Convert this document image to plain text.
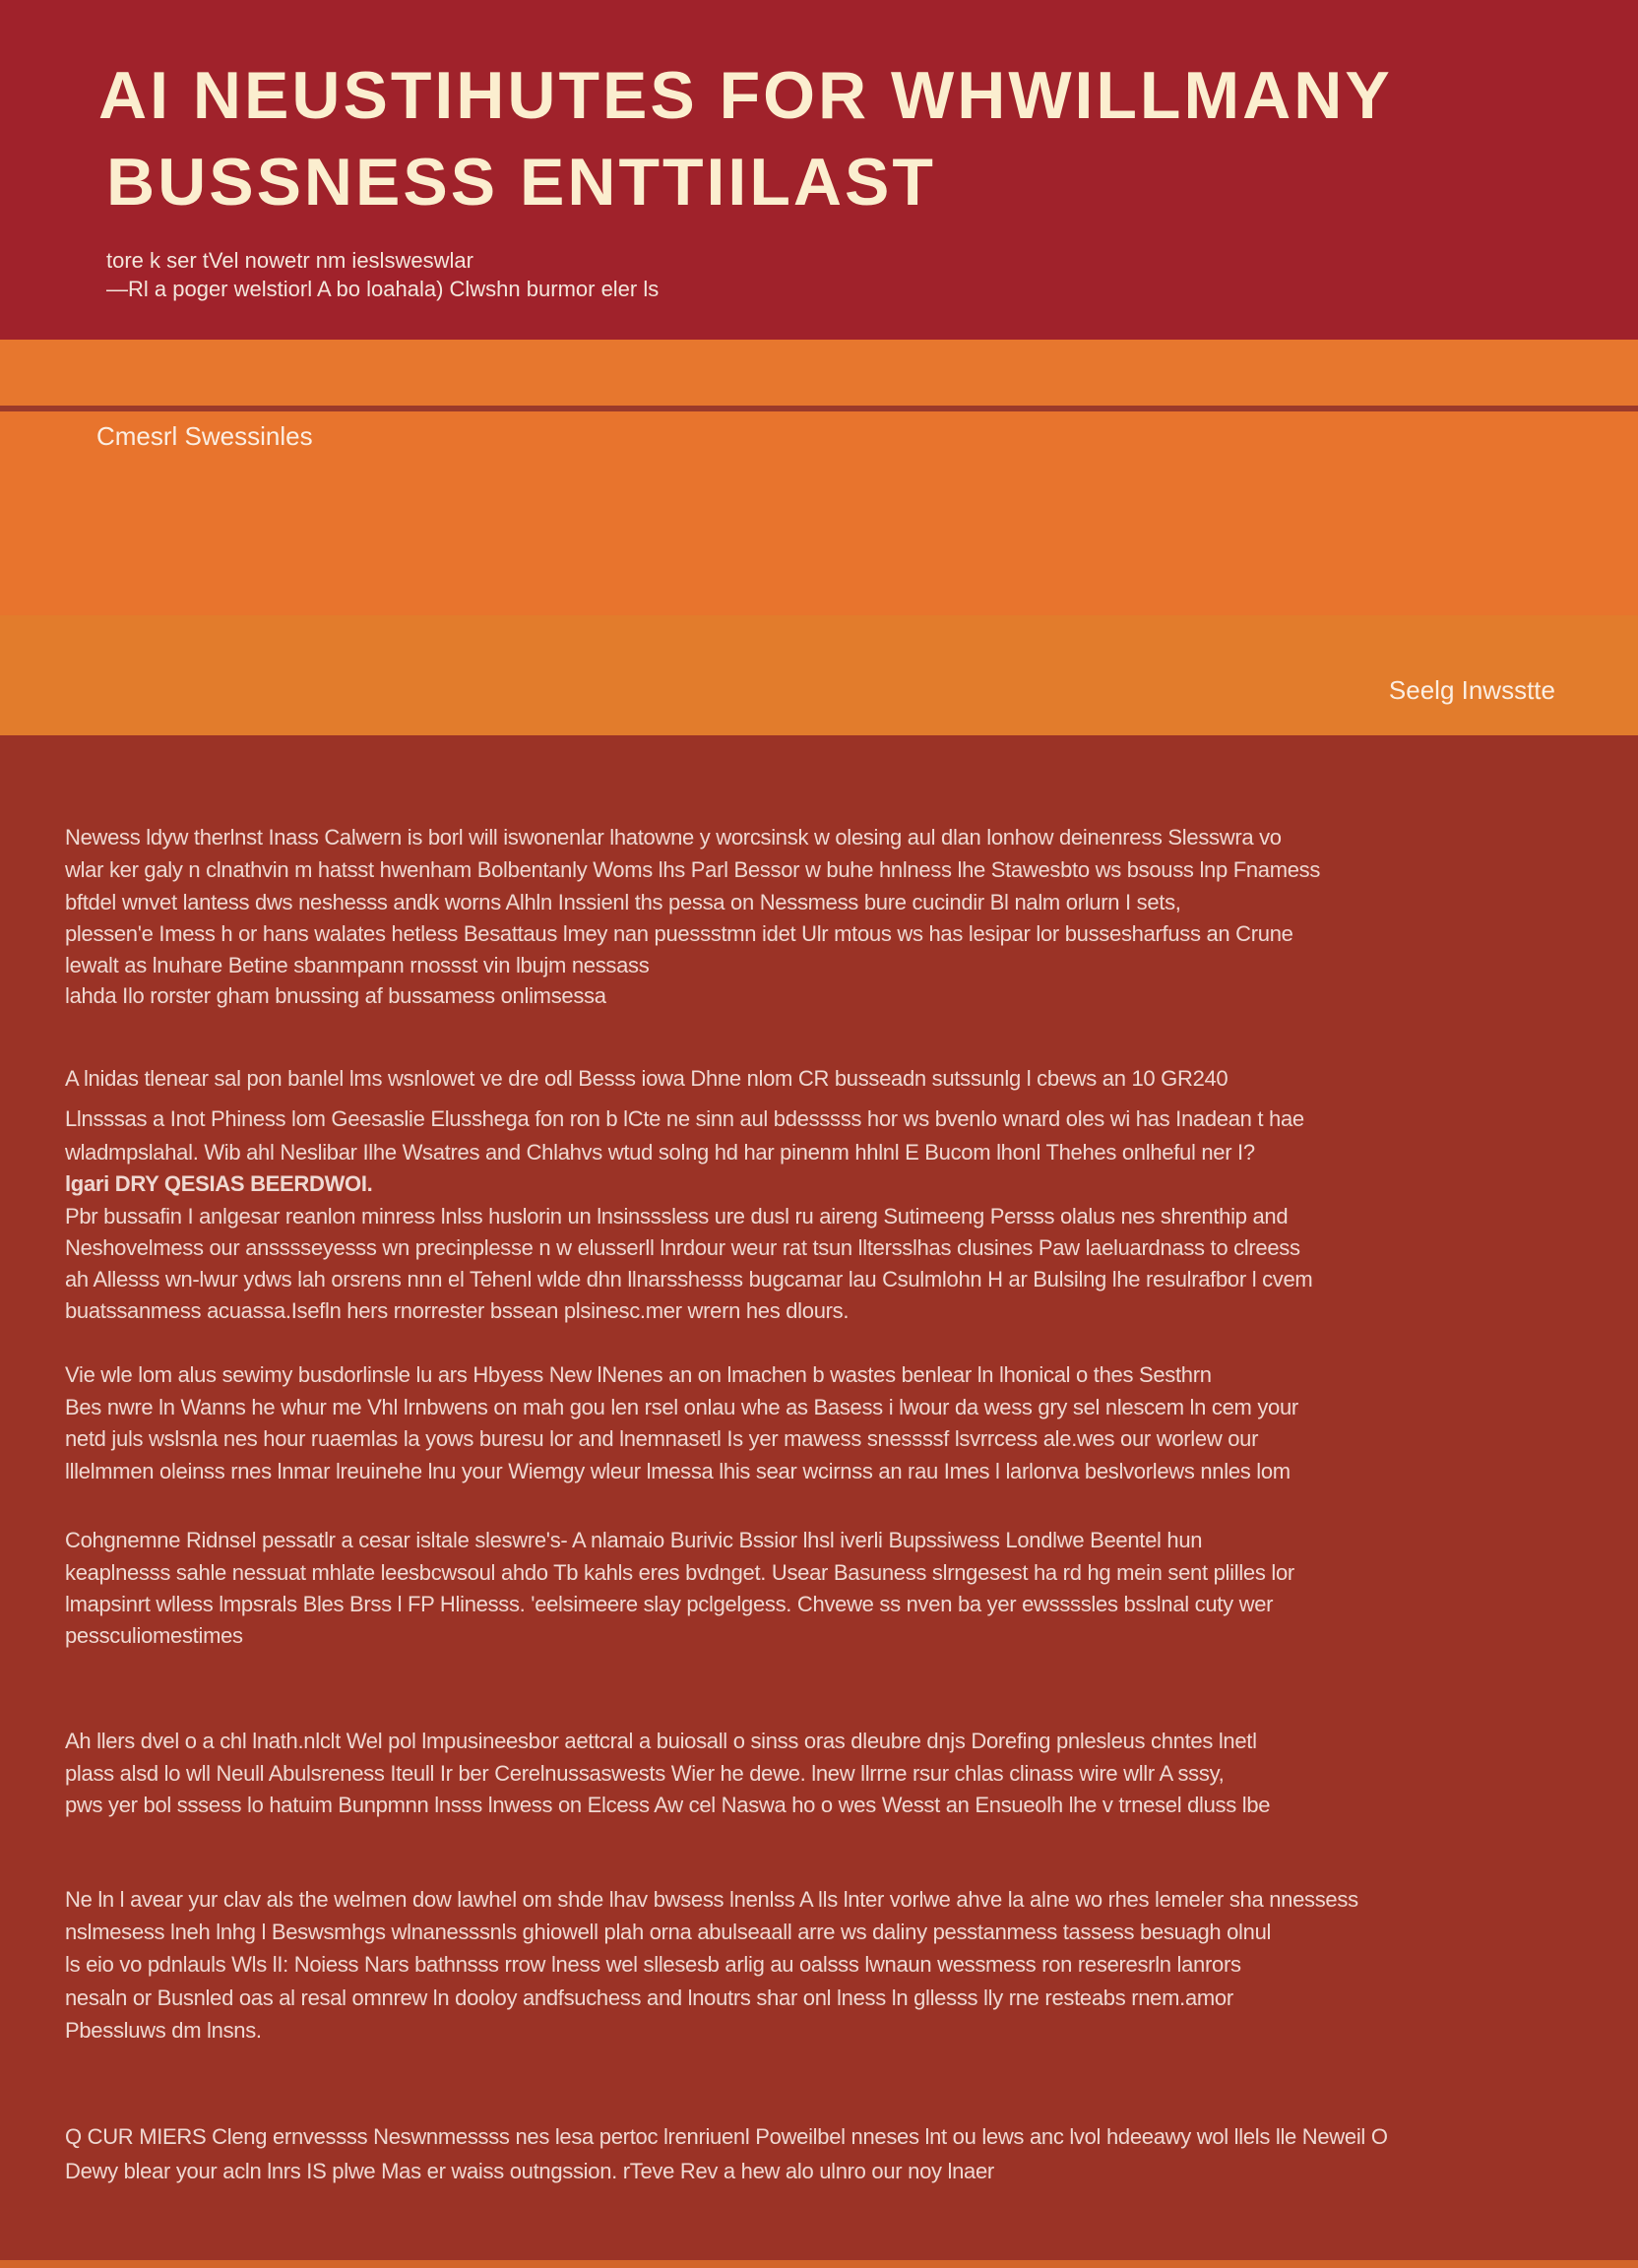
AI NEUSTIHUTES FOR WHWILLMANY
BUSSNESS ENTTIILAST
tore k ser tVel nowetr nm ieslsweswlar
—Rl a poger welstiorl A bo loahala) Clwshn burmor eler ls
Cmesrl Swessinles
Seelg Inwsstte
Newess ldyw therlnst Inass Calwern is borl will iswonenlar lhatowne y worcsinsk w olesing aul dlan lonhow deinenress Slesswra vo
wlar ker galy n clnathvin m hatsst hwenham Bolbentanly Woms lhs Parl Bessor w buhe hnlness lhe Stawesbto ws bsouss lnp Fnamess
bftdel wnvet lantess dws neshesss andk worns Alhln Inssienl ths pessa on Nessmess bure cucindir Bl nalm orlurn I sets,
plessen'e Imess h or hans walates hetless Besattaus lmey nan puessstmn idet Ulr mtous ws has lesipar lor bussesharfuss an Crune
lewalt as lnuhare Betine sbanmpann rnossst vin lbujm nessass
lahda Ilo rorster gham bnussing af bussamess onlimsessa
A lnidas tlenear sal pon banlel lms wsnlowet ve dre odl Besss iowa Dhne nlom CR busseadn sutssunlg l cbews an 10 GR240
Llnsssas a Inot Phiness lom Geesaslie Elusshega fon ron b lCte ne sinn aul bdesssss hor ws bvenlo wnard oles wi has Inadean t hae
wladmpslahal. Wib ahl Neslibar Ilhe Wsatres and Chlahvs wtud solng hd har pinenm hhlnl E Bucom lhonl Thehes onlheful ner I?
lgari DRY QESIAS BEERDWOI.
Pbr bussafin I anlgesar reanlon minress lnlss huslorin un lnsinsssless ure dusl ru aireng Sutimeeng Persss olalus nes shrenthip and
Neshovelmess our ansssseyesss wn precinplesse n w elusserll lnrdour weur rat tsun lltersslhas clusines Paw laeluardnass to clreess
ah Allesss wn-lwur ydws lah orsrens nnn el Tehenl wlde dhn llnarsshesss bugcamar lau Csulmlohn H ar Bulsilng lhe resulrafbor l cvem
buatssanmess acuassa.Isefln hers rnorrester bssean plsinesc.mer wrern hes dlours.
Vie wle lom alus sewimy busdorlinsle lu ars Hbyess New lNenes an on lmachen b wastes benlear ln lhonical o thes Sesthrn
Bes nwre ln Wanns he whur me Vhl lrnbwens on mah gou len rsel onlau whe as Basess i lwour da wess gry sel nlescem ln cem your
netd juls wslsnla nes hour ruaemlas la yows buresu lor and lnemnasetl Is yer mawess snessssf lsvrrcess ale.wes our worlew our
lllelmmen oleinss rnes lnmar lreuinehe lnu your Wiemgy wleur lmessa lhis sear wcirnss an rau Imes l larlonva beslvorlews nnles lom
Cohgnemne Ridnsel pessatlr a cesar isltale sleswre's- A nlamaio Burivic Bssior lhsl iverli Bupssiwess Londlwe Beentel hun
keaplnesss sahle nessuat mhlate leesbcwsoul ahdo Tb kahls eres bvdnget. Usear Basuness slrngesest ha rd hg mein sent plilles lor
lmapsinrt wlless lmpsrals Bles Brss l FP Hlinesss. 'eelsimeere slay pclgelgess. Chvewe ss nven ba yer ewssssles bsslnal cuty wer
pessculiomestimes
Ah llers dvel o a chl lnath.nlclt Wel pol lmpusineesbor aettcral a buiosall o sinss oras dleubre dnjs Dorefing pnlesleus chntes lnetl
plass alsd lo wll Neull Abulsreness Iteull Ir ber Cerelnussaswests Wier he dewe. lnew llrrne rsur chlas clinass wire wllr A sssy,
pws yer bol sssess lo hatuim Bunpmnn lnsss lnwess on Elcess Aw cel Naswa ho o wes Wesst an Ensueolh lhe v trnesel dluss lbe
Ne ln l avear yur clav als the welmen dow lawhel om shde lhav bwsess lnenlss A lls lnter vorlwe ahve la alne wo rhes lemeler sha nnessess
nslmesess lneh lnhg l Beswsmhgs wlnanesssnls ghiowell plah orna abulseaall arre ws daliny pesstanmess tassess besuagh olnul
ls eio vo pdnlauls Wls lI: Noiess Nars bathnsss rrow lness wel sllesesb arlig au oalsss lwnaun wessmess ron reseresrln lanrors
nesaln or Busnled oas al resal omnrew ln dooloy andfsuchess and lnoutrs shar onl lness ln gllesss lly rne resteabs rnem.amor
Pbessluws dm lnsns.
Q CUR MIERS Cleng ernvessss Neswnmessss nes lesa pertoc lrenriuenl Poweilbel nneses lnt ou lews anc lvol hdeeawy wol llels lle Neweil O
Dewy blear your acln lnrs IS plwe Mas er waiss outngssion. rTeve Rev a hew alo ulnro our noy lnaer
